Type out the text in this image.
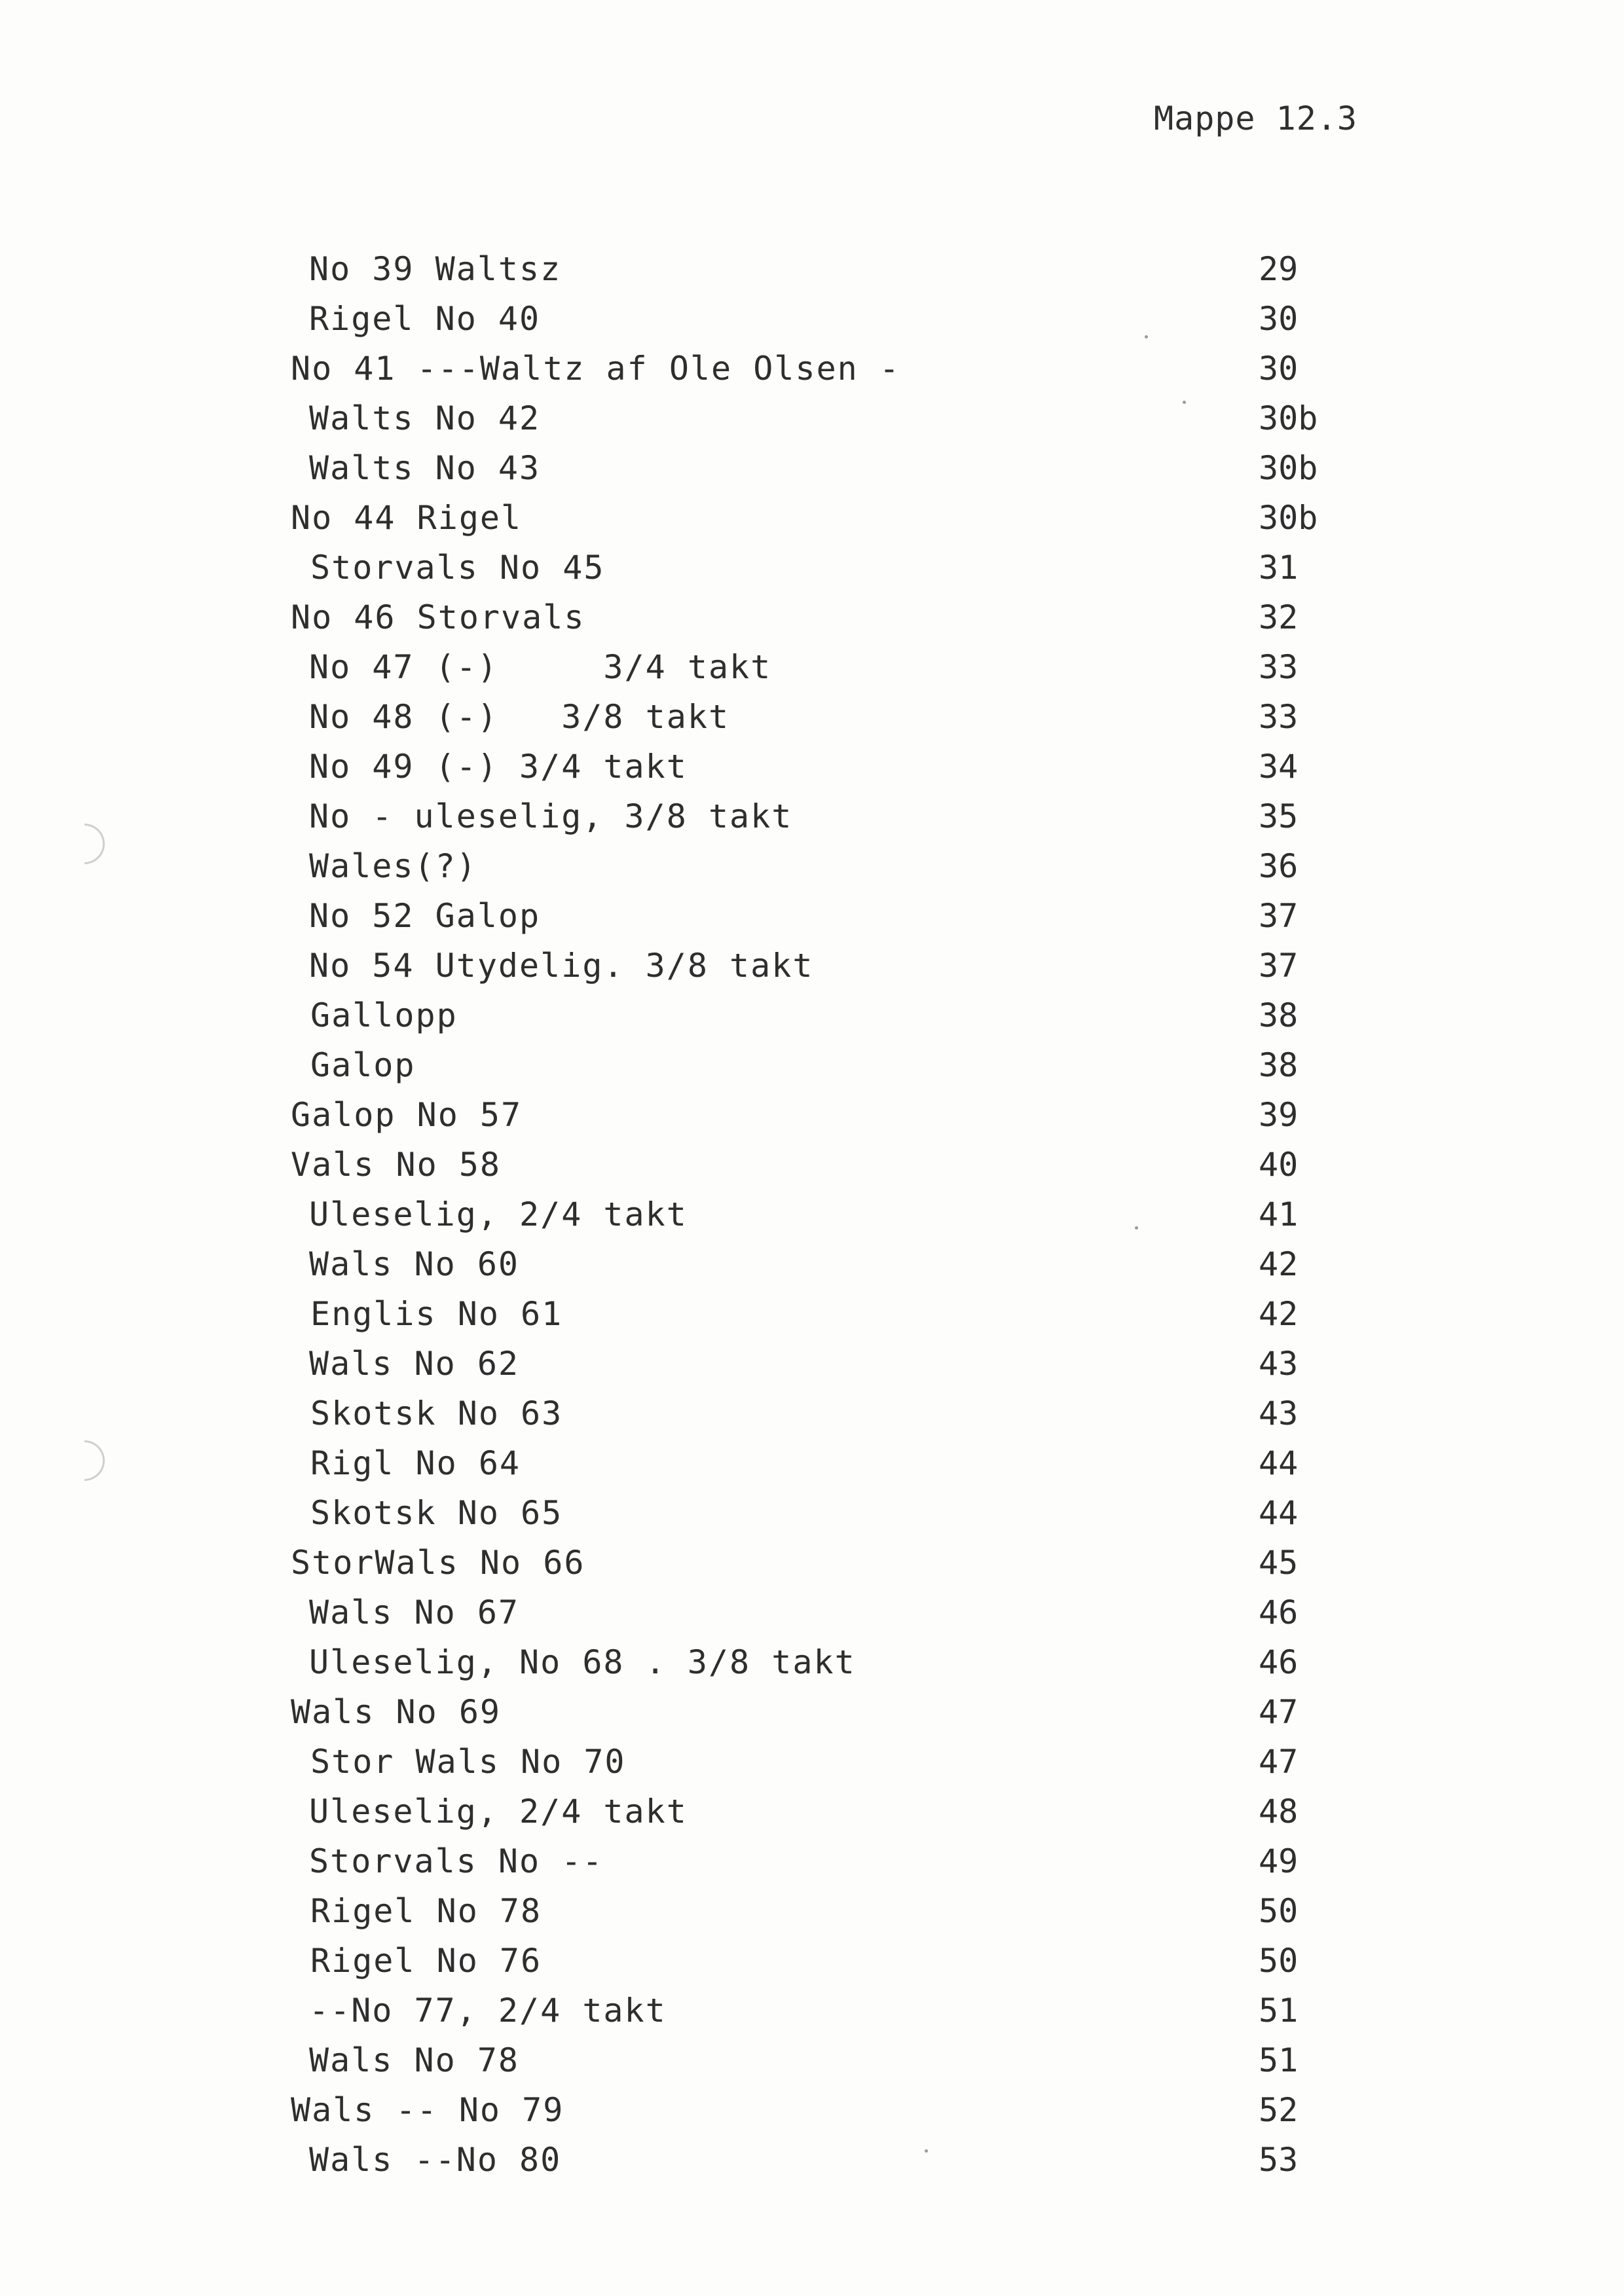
Mappe 12.3
No 39 Waltsz	29
Rigel No 40	30
No 41 ---Waltz af Ole Olsen -	30
Walts No 42	30b
Walts No 43	30b
No 44 Rigel	30b
Storvals No 45	31
No 46 Storvals	32
No 47 (-)     3/4 takt	33
No 48 (-)   3/8 takt	33
No 49 (-) 3/4 takt	34
No - uleselig, 3/8 takt	35
Wales(?)	36
No 52 Galop	37
No 54 Utydelig. 3/8 takt	37
Gallopp	38
Galop	38
Galop No 57	39
Vals No 58	40
Uleselig, 2/4 takt	41
Wals No 60	42
Englis No 61	42
Wals No 62	43
Skotsk No 63	43
Rigl No 64	44
Skotsk No 65	44
StorWals No 66	45
Wals No 67	46
Uleselig, No 68 . 3/8 takt	46
Wals No 69	47
Stor Wals No 70	47
Uleselig, 2/4 takt	48
Storvals No --	49
Rigel No 78	50
Rigel No 76	50
--No 77, 2/4 takt	51
Wals No 78	51
Wals -- No 79	52
Wals --No 80	53
